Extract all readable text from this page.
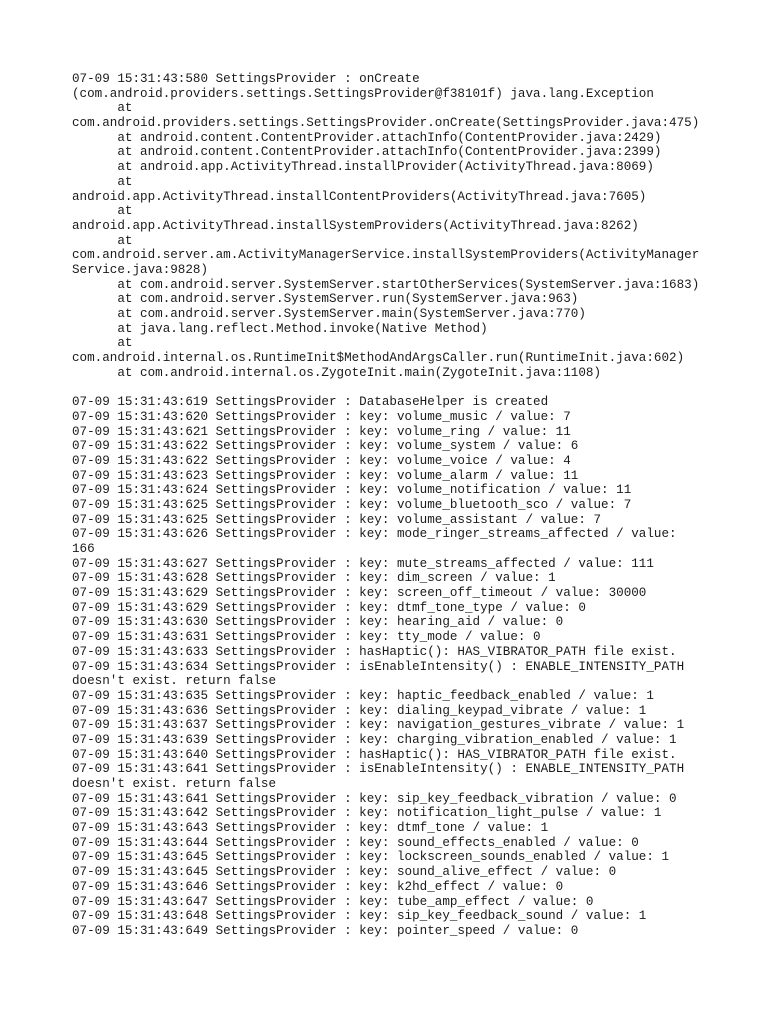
07-09 15:31:43:580 SettingsProvider : onCreate
(com.android.providers.settings.SettingsProvider@f38101f) java.lang.Exception
at
com.android.providers.settings.SettingsProvider.onCreate(SettingsProvider.java:475)
at android.content.ContentProvider.attachInfo(ContentProvider.java:2429)
at android.content.ContentProvider.attachInfo(ContentProvider.java:2399)
at android.app.ActivityThread.installProvider(ActivityThread.java:8069)
at
android.app.ActivityThread.installContentProviders(ActivityThread.java:7605)
at
android.app.ActivityThread.installSystemProviders(ActivityThread.java:8262)
at
com.android.server.am.ActivityManagerService.installSystemProviders(ActivityManager
Service.java:9828)
at com.android.server.SystemServer.startOtherServices(SystemServer.java:1683)
at com.android.server.SystemServer.run(SystemServer.java:963)
at com.android.server.SystemServer.main(SystemServer.java:770)
at java.lang.reflect.Method.invoke(Native Method)
at
com.android.internal.os.RuntimeInit$MethodAndArgsCaller.run(RuntimeInit.java:602)
at com.android.internal.os.ZygoteInit.main(ZygoteInit.java:1108)
07-09 15:31:43:619 SettingsProvider : DatabaseHelper is created
07-09 15:31:43:620 SettingsProvider : key: volume_music / value: 7
07-09 15:31:43:621 SettingsProvider : key: volume_ring / value: 11
07-09 15:31:43:622 SettingsProvider : key: volume_system / value: 6
07-09 15:31:43:622 SettingsProvider : key: volume_voice / value: 4
07-09 15:31:43:623 SettingsProvider : key: volume_alarm / value: 11
07-09 15:31:43:624 SettingsProvider : key: volume_notification / value: 11
07-09 15:31:43:625 SettingsProvider : key: volume_bluetooth_sco / value: 7
07-09 15:31:43:625 SettingsProvider : key: volume_assistant / value: 7
07-09 15:31:43:626 SettingsProvider : key: mode_ringer_streams_affected / value:
166
07-09 15:31:43:627 SettingsProvider : key: mute_streams_affected / value: 111
07-09 15:31:43:628 SettingsProvider : key: dim_screen / value: 1
07-09 15:31:43:629 SettingsProvider : key: screen_off_timeout / value: 30000
07-09 15:31:43:629 SettingsProvider : key: dtmf_tone_type / value: 0
07-09 15:31:43:630 SettingsProvider : key: hearing_aid / value: 0
07-09 15:31:43:631 SettingsProvider : key: tty_mode / value: 0
07-09 15:31:43:633 SettingsProvider : hasHaptic(): HAS_VIBRATOR_PATH file exist.
07-09 15:31:43:634 SettingsProvider : isEnableIntensity() : ENABLE_INTENSITY_PATH
doesn't exist. return false
07-09 15:31:43:635 SettingsProvider : key: haptic_feedback_enabled / value: 1
07-09 15:31:43:636 SettingsProvider : key: dialing_keypad_vibrate / value: 1
07-09 15:31:43:637 SettingsProvider : key: navigation_gestures_vibrate / value: 1
07-09 15:31:43:639 SettingsProvider : key: charging_vibration_enabled / value: 1
07-09 15:31:43:640 SettingsProvider : hasHaptic(): HAS_VIBRATOR_PATH file exist.
07-09 15:31:43:641 SettingsProvider : isEnableIntensity() : ENABLE_INTENSITY_PATH
doesn't exist. return false
07-09 15:31:43:641 SettingsProvider : key: sip_key_feedback_vibration / value: 0
07-09 15:31:43:642 SettingsProvider : key: notification_light_pulse / value: 1
07-09 15:31:43:643 SettingsProvider : key: dtmf_tone / value: 1
07-09 15:31:43:644 SettingsProvider : key: sound_effects_enabled / value: 0
07-09 15:31:43:645 SettingsProvider : key: lockscreen_sounds_enabled / value: 1
07-09 15:31:43:645 SettingsProvider : key: sound_alive_effect / value: 0
07-09 15:31:43:646 SettingsProvider : key: k2hd_effect / value: 0
07-09 15:31:43:647 SettingsProvider : key: tube_amp_effect / value: 0
07-09 15:31:43:648 SettingsProvider : key: sip_key_feedback_sound / value: 1
07-09 15:31:43:649 SettingsProvider : key: pointer_speed / value: 0
